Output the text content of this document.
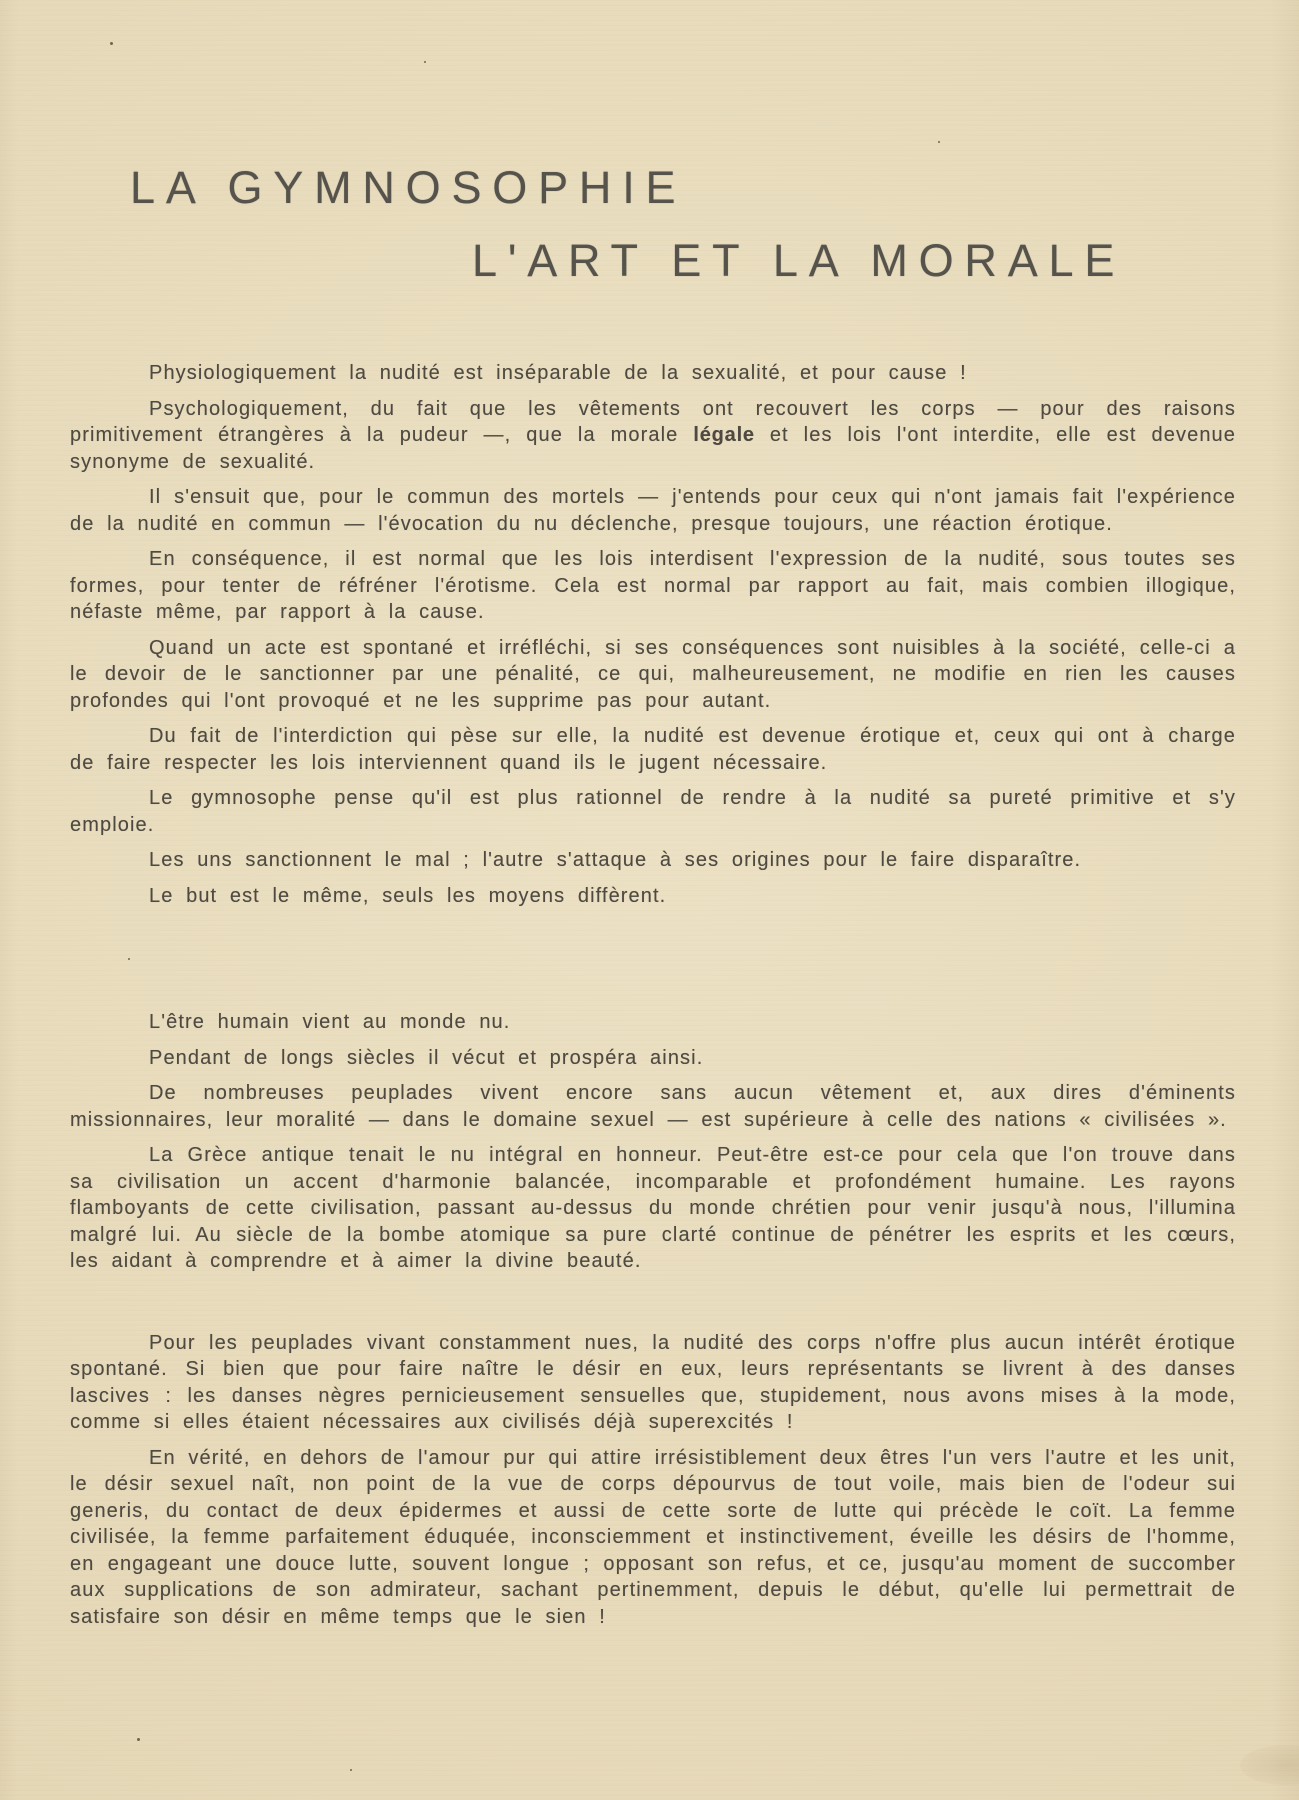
LA GYMNOSOPHIE
L'ART ET LA MORALE

Physiologiquement la nudité est inséparable de la sexualité, et pour cause !

Psychologiquement, du fait que les vêtements ont recouvert les corps — pour des raisons primitivement étrangères à la pudeur —, que la morale légale et les lois l'ont interdite, elle est devenue synonyme de sexualité.

Il s'ensuit que, pour le commun des mortels — j'entends pour ceux qui n'ont jamais fait l'expérience de la nudité en commun — l'évocation du nu déclenche, presque toujours, une réaction érotique.

En conséquence, il est normal que les lois interdisent l'expression de la nudité, sous toutes ses formes, pour tenter de réfréner l'érotisme. Cela est normal par rapport au fait, mais combien illogique, néfaste même, par rapport à la cause.

Quand un acte est spontané et irréfléchi, si ses conséquences sont nuisibles à la société, celle-ci a le devoir de le sanctionner par une pénalité, ce qui, malheureusement, ne modifie en rien les causes profondes qui l'ont provoqué et ne les supprime pas pour autant.

Du fait de l'interdiction qui pèse sur elle, la nudité est devenue érotique et, ceux qui ont à charge de faire respecter les lois interviennent quand ils le jugent nécessaire.

Le gymnosophe pense qu'il est plus rationnel de rendre à la nudité sa pureté primitive et s'y emploie.

Les uns sanctionnent le mal ; l'autre s'attaque à ses origines pour le faire disparaître.

Le but est le même, seuls les moyens diffèrent.

L'être humain vient au monde nu.

Pendant de longs siècles il vécut et prospéra ainsi.

De nombreuses peuplades vivent encore sans aucun vêtement et, aux dires d'éminents missionnaires, leur moralité — dans le domaine sexuel — est supérieure à celle des nations « civilisées ».

La Grèce antique tenait le nu intégral en honneur. Peut-être est-ce pour cela que l'on trouve dans sa civilisation un accent d'harmonie balancée, incomparable et profondément humaine. Les rayons flamboyants de cette civilisation, passant au-dessus du monde chrétien pour venir jusqu'à nous, l'illumina malgré lui. Au siècle de la bombe atomique sa pure clarté continue de pénétrer les esprits et les cœurs, les aidant à comprendre et à aimer la divine beauté.

Pour les peuplades vivant constamment nues, la nudité des corps n'offre plus aucun intérêt érotique spontané. Si bien que pour faire naître le désir en eux, leurs représentants se livrent à des danses lascives : les danses nègres pernicieusement sensuelles que, stupidement, nous avons mises à la mode, comme si elles étaient nécessaires aux civilisés déjà superexcités !

En vérité, en dehors de l'amour pur qui attire irrésistiblement deux êtres l'un vers l'autre et les unit, le désir sexuel naît, non point de la vue de corps dépourvus de tout voile, mais bien de l'odeur sui generis, du contact de deux épidermes et aussi de cette sorte de lutte qui précède le coït. La femme civilisée, la femme parfaitement éduquée, inconsciemment et instinctivement, éveille les désirs de l'homme, en engageant une douce lutte, souvent longue ; opposant son refus, et ce, jusqu'au moment de succomber aux supplications de son admirateur, sachant pertinemment, depuis le début, qu'elle lui permettrait de satisfaire son désir en même temps que le sien !
